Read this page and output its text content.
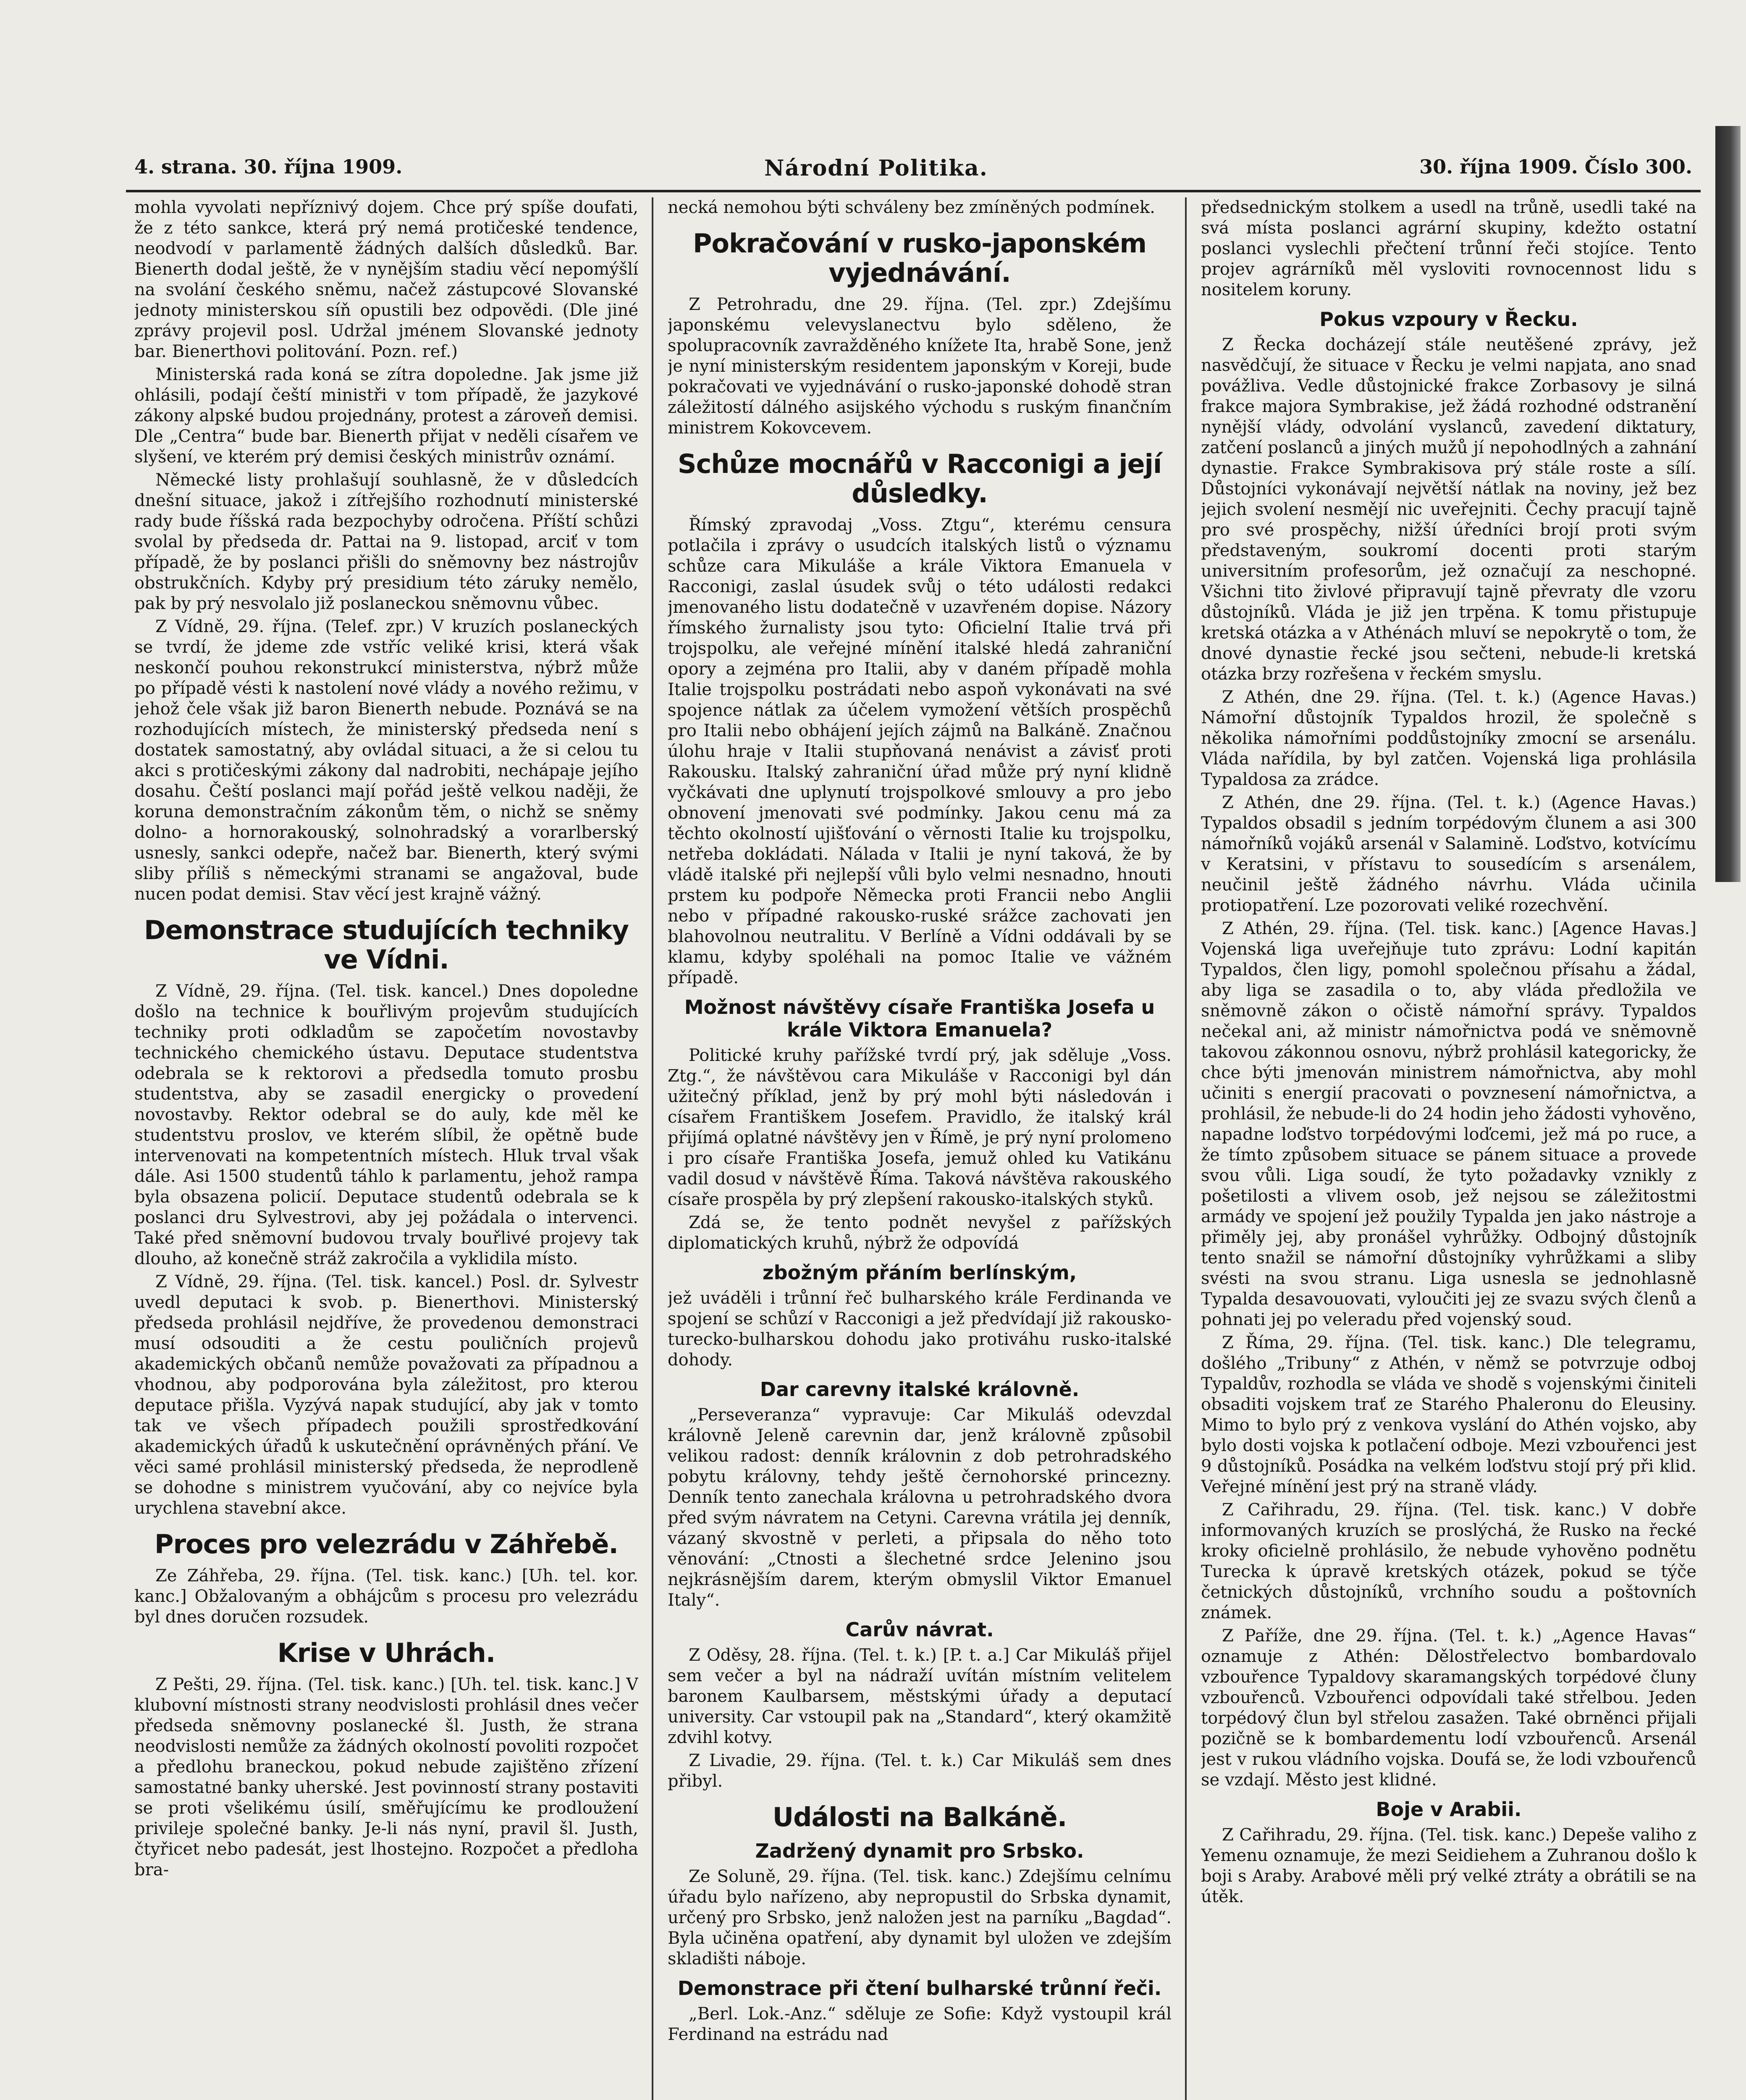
4. strana. 30. října 1909.	Národní Politika.	30. října 1909. Číslo 300.

mohla vyvolati nepříznivý dojem. Chce prý spíše doufati, že z této sankce, která prý nemá protičeské tendence, neodvodí v parlamentě žádných dalších důsledků. Bar. Bienerth dodal ještě, že v nynějším stadiu věcí nepomýšlí na svolání českého sněmu, načež zástupcové Slovanské jednoty ministerskou síň opustili bez odpovědi. (Dle jiné zprávy projevil posl. Udržal jménem Slovanské jednoty bar. Bienerthovi politování. Pozn. ref.)

Ministerská rada koná se zítra dopoledne. Jak jsme již ohlásili, podají čeští ministři v tom případě, že jazykové zákony alpské budou projednány, protest a zároveň demisi. Dle „Centra“ bude bar. Bienerth přijat v neděli císařem ve slyšení, ve kterém prý demisi českých ministrův oznámí.

Německé listy prohlašují souhlasně, že v důsledcích dnešní situace, jakož i zítřejšího rozhodnutí ministerské rady bude říšská rada bezpochyby odročena. Příští schůzi svolal by předseda dr. Pattai na 9. listopad, arciť v tom případě, že by poslanci přišli do sněmovny bez nástrojův obstrukčních. Kdyby prý presidium této záruky nemělo, pak by prý nesvolalo již poslaneckou sněmovnu vůbec.

Z Vídně, 29. října. (Telef. zpr.) V kruzích poslaneckých se tvrdí, že jdeme zde vstříc veliké krisi, která však neskončí pouhou rekonstrukcí ministerstva, nýbrž může po případě vésti k nastolení nové vlády a nového režimu, v jehož čele však již baron Bienerth nebude. Poznává se na rozhodujících místech, že ministerský předseda není s dostatek samostatný, aby ovládal situaci, a že si celou tu akci s protičeskými zákony dal nadrobiti, nechápaje jejího dosahu. Čeští poslanci mají pořád ještě velkou naději, že koruna demonstračním zákonům těm, o nichž se sněmy dolno- a hornorakouský, solnohradský a vorarlberský usnesly, sankci odepře, načež bar. Bienerth, který svými sliby příliš s německými stranami se angažoval, bude nucen podat demisi. Stav věcí jest krajně vážný.

Demonstrace studujících techniky ve Vídni.

Z Vídně, 29. října. (Tel. tisk. kancel.) Dnes dopoledne došlo na technice k bouřlivým projevům studujících techniky proti odkladům se započetím novostavby technického chemického ústavu. Deputace studentstva odebrala se k rektorovi a předsedla tomuto prosbu studentstva, aby se zasadil energicky o provedení novostavby. Rektor odebral se do auly, kde měl ke studentstvu proslov, ve kterém slíbil, že opětně bude intervenovati na kompetentních místech. Hluk trval však dále. Asi 1500 studentů táhlo k parlamentu, jehož rampa byla obsazena policií. Deputace studentů odebrala se k poslanci dru Sylvestrovi, aby jej požádala o intervenci. Také před sněmovní budovou trvaly bouřlivé projevy tak dlouho, až konečně stráž zakročila a vyklidila místo.

Z Vídně, 29. října. (Tel. tisk. kancel.) Posl. dr. Sylvestr uvedl deputaci k svob. p. Bienerthovi. Ministerský předseda prohlásil nejdříve, že provedenou demonstraci musí odsouditi a že cestu pouličních projevů akademických občanů nemůže považovati za případnou a vhodnou, aby podporována byla záležitost, pro kterou deputace přišla. Vyzývá napak studující, aby jak v tomto tak ve všech případech použili sprostředkování akademických úřadů k uskutečnění oprávněných přání. Ve věci samé prohlásil ministerský předseda, že neprodleně se dohodne s ministrem vyučování, aby co nejvíce byla urychlena stavební akce.

Proces pro velezrádu v Záhřebě.

Ze Záhřeba, 29. října. (Tel. tisk. kanc.) [Uh. tel. kor. kanc.] Obžalovaným a obhájcům s procesu pro velezrádu byl dnes doručen rozsudek.

Krise v Uhrách.

Z Pešti, 29. října. (Tel. tisk. kanc.) [Uh. tel. tisk. kanc.] V klubovní místnosti strany neodvislosti prohlásil dnes večer předseda sněmovny poslanecké šl. Justh, že strana neodvislosti nemůže za žádných okolností povoliti rozpočet a předlohu braneckou, pokud nebude zajištěno zřízení samostatné banky uherské. Jest povinností strany postaviti se proti všelikému úsilí, směřujícímu ke prodloužení privileje společné banky. Je-li nás nyní, pravil šl. Justh, čtyřicet nebo padesát, jest lhostejno. Rozpočet a předloha bra-

necká nemohou býti schváleny bez zmíněných podmínek.

Pokračování v rusko-japonském vyjednávání.

Z Petrohradu, dne 29. října. (Tel. zpr.) Zdejšímu japonskému velevyslanectvu bylo sděleno, že spolupracovník zavražděného knížete Ita, hrabě Sone, jenž je nyní ministerským residentem japonským v Koreji, bude pokračovati ve vyjednávání o rusko-japonské dohodě stran záležitostí dálného asijského východu s ruským finančním ministrem Kokovcevem.

Schůze mocnářů v Racconigi a její důsledky.

Římský zpravodaj „Voss. Ztgu“, kterému censura potlačila i zprávy o usudcích italských listů o významu schůze cara Mikuláše a krále Viktora Emanuela v Racconigi, zaslal úsudek svůj o této události redakci jmenovaného listu dodatečně v uzavřeném dopise. Názory římského žurnalisty jsou tyto: Oficielní Italie trvá při trojspolku, ale veřejné mínění italské hledá zahraniční opory a zejména pro Italii, aby v daném případě mohla Italie trojspolku postrádati nebo aspoň vykonávati na své spojence nátlak za účelem vymožení větších prospěchů pro Italii nebo obhájení jejích zájmů na Balkáně. Značnou úlohu hraje v Italii stupňovaná nenávist a závisť proti Rakousku. Italský zahraniční úřad může prý nyní klidně vyčkávati dne uplynutí trojspolkové smlouvy a pro jebo obnovení jmenovati své podmínky. Jakou cenu má za těchto okolností ujišťování o věrnosti Italie ku trojspolku, netřeba dokládati. Nálada v Italii je nyní taková, že by vládě italské při nejlepší vůli bylo velmi nesnadno, hnouti prstem ku podpoře Německa proti Francii nebo Anglii nebo v případné rakousko-ruské srážce zachovati jen blahovolnou neutralitu. V Berlíně a Vídni oddávali by se klamu, kdyby spoléhali na pomoc Italie ve vážném případě.

Možnost návštěvy císaře Františka Josefa u krále Viktora Emanuela?

Politické kruhy pařížské tvrdí prý, jak sděluje „Voss. Ztg.“, že návštěvou cara Mikuláše v Racconigi byl dán užitečný příklad, jenž by prý mohl býti následován i císařem Františkem Josefem. Pravidlo, že italský král přijímá oplatné návštěvy jen v Římě, je prý nyní prolomeno i pro císaře Františka Josefa, jemuž ohled ku Vatikánu vadil dosud v návštěvě Říma. Taková návštěva rakouského císaře prospěla by prý zlepšení rakousko-italských styků.

Zdá se, že tento podnět nevyšel z pařížských diplomatických kruhů, nýbrž že odpovídá

zbožným přáním berlínským,

jež uváděli i trůnní řeč bulharského krále Ferdinanda ve spojení se schůzí v Racconigi a jež předvídají již rakousko-turecko-bulharskou dohodu jako protiváhu rusko-italské dohody.

Dar carevny italské královně.

„Perseveranza“ vypravuje: Car Mikuláš odevzdal královně Jeleně carevnin dar, jenž královně způsobil velikou radost: denník královnin z dob petrohradského pobytu královny, tehdy ještě černohorské princezny. Denník tento zanechala královna u petrohradského dvora před svým návratem na Cetyni. Carevna vrátila jej denník, vázaný skvostně v perleti, a připsala do něho toto věnování: „Ctnosti a šlechetné srdce Jelenino jsou nejkrásnějším darem, kterým obmyslil Viktor Emanuel Italy“.

Carův návrat.

Z Oděsy, 28. října. (Tel. t. k.) [P. t. a.] Car Mikuláš přijel sem večer a byl na nádraží uvítán místním velitelem baronem Kaulbarsem, městskými úřady a deputací university. Car vstoupil pak na „Standard“, který okamžitě zdvihl kotvy.

Z Livadie, 29. října. (Tel. t. k.) Car Mikuláš sem dnes přibyl.

Události na Balkáně.
Zadržený dynamit pro Srbsko.

Ze Soluně, 29. října. (Tel. tisk. kanc.) Zdejšímu celnímu úřadu bylo nařízeno, aby nepropustil do Srbska dynamit, určený pro Srbsko, jenž naložen jest na parníku „Bagdad“. Byla učiněna opatření, aby dynamit byl uložen ve zdejším skladišti náboje.

Demonstrace při čtení bulharské trůnní řeči.

„Berl. Lok.-Anz.“ sděluje ze Sofie: Když vystoupil král Ferdinand na estrádu nad

předsednickým stolkem a usedl na trůně, usedli také na svá místa poslanci agrární skupiny, kdežto ostatní poslanci vyslechli přečtení trůnní řeči stojíce. Tento projev agrárníků měl vysloviti rovnocennost lidu s nositelem koruny.

Pokus vzpoury v Řecku.

Z Řecka docházejí stále neutěšené zprávy, jež nasvědčují, že situace v Řecku je velmi napjata, ano snad povážliva. Vedle důstojnické frakce Zorbasovy je silná frakce majora Symbrakise, jež žádá rozhodné odstranění nynější vlády, odvolání vyslanců, zavedení diktatury, zatčení poslanců a jiných mužů jí nepohodlných a zahnání dynastie. Frakce Symbrakisova prý stále roste a sílí. Důstojníci vykonávají největší nátlak na noviny, jež bez jejich svolení nesmějí nic uveřejniti. Čechy pracují tajně pro své prospěchy, nižší úředníci brojí proti svým představeným, soukromí docenti proti starým universitním profesorům, jež označují za neschopné. Všichni tito živlové připravují tajně převraty dle vzoru důstojníků. Vláda je již jen trpěna. K tomu přistupuje kretská otázka a v Athénách mluví se nepokrytě o tom, že dnové dynastie řecké jsou sečteni, nebude-li kretská otázka brzy rozřešena v řeckém smyslu.

Z Athén, dne 29. října. (Tel. t. k.) (Agence Havas.) Námořní důstojník Typaldos hrozil, že společně s několika námořními poddůstojníky zmocní se arsenálu. Vláda nařídila, by byl zatčen. Vojenská liga prohlásila Typaldosa za zrádce.

Z Athén, dne 29. října. (Tel. t. k.) (Agence Havas.) Typaldos obsadil s jedním torpédovým člunem a asi 300 námořníků vojáků arsenál v Salamině. Loďstvo, kotvícímu v Keratsini, v přístavu to sousedícím s arsenálem, neučinil ještě žádného návrhu. Vláda učinila protiopatření. Lze pozorovati veliké rozechvění.

Z Athén, 29. října. (Tel. tisk. kanc.) [Agence Havas.] Vojenská liga uveřejňuje tuto zprávu: Lodní kapitán Typaldos, člen ligy, pomohl společnou přísahu a žádal, aby liga se zasadila o to, aby vláda předložila ve sněmovně zákon o očistě námořní správy. Typaldos nečekal ani, až ministr námořnictva podá ve sněmovně takovou zákonnou osnovu, nýbrž prohlásil kategoricky, že chce býti jmenován ministrem námořnictva, aby mohl učiniti s energií pracovati o povznesení námořnictva, a prohlásil, že nebude-li do 24 hodin jeho žádosti vyhověno, napadne loďstvo torpédovými loďcemi, jež má po ruce, a že tímto způsobem situace se pánem situace a provede svou vůli. Liga soudí, že tyto požadavky vznikly z pošetilosti a vlivem osob, jež nejsou se záležitostmi armády ve spojení jež použily Typalda jen jako nástroje a přiměly jej, aby pronášel vyhrůžky. Odbojný důstojník tento snažil se námořní důstojníky vyhrůžkami a sliby svésti na svou stranu. Liga usnesla se jednohlasně Typalda desavouovati, vyloučiti jej ze svazu svých členů a pohnati jej po veleradu před vojenský soud.

Z Říma, 29. října. (Tel. tisk. kanc.) Dle telegramu, došlého „Tribuny“ z Athén, v němž se potvrzuje odboj Typaldův, rozhodla se vláda ve shodě s vojenskými činiteli obsaditi vojskem trať ze Starého Phaleronu do Eleusiny. Mimo to bylo prý z venkova vyslání do Athén vojsko, aby bylo dosti vojska k potlačení odboje. Mezi vzbouřenci jest 9 důstojníků. Posádka na velkém loďstvu stojí prý při klid. Veřejné mínění jest prý na straně vlády.

Z Cařihradu, 29. října. (Tel. tisk. kanc.) V dobře informovaných kruzích se proslýchá, že Rusko na řecké kroky oficielně prohlásilo, že nebude vyhověno podnětu Turecka k úpravě kretských otázek, pokud se týče četnických důstojníků, vrchního soudu a poštovních známek.

Z Paříže, dne 29. října. (Tel. t. k.) „Agence Havas“ oznamuje z Athén: Dělostřelectvo bombardovalo vzbouřence Typaldovy skaramangských torpédové čluny vzbouřenců. Vzbouřenci odpovídali také střelbou. Jeden torpédový člun byl střelou zasažen. Také obrněnci přijali pozičně se k bombardementu lodí vzbouřenců. Arsenál jest v rukou vládního vojska. Doufá se, že lodi vzbouřenců se vzdají. Město jest klidné.

Boje v Arabii.

Z Cařihradu, 29. října. (Tel. tisk. kanc.) Depeše valiho z Yemenu oznamuje, že mezi Seidiehem a Zuhranou došlo k boji s Araby. Arabové měli prý velké ztráty a obrátili se na útěk.
